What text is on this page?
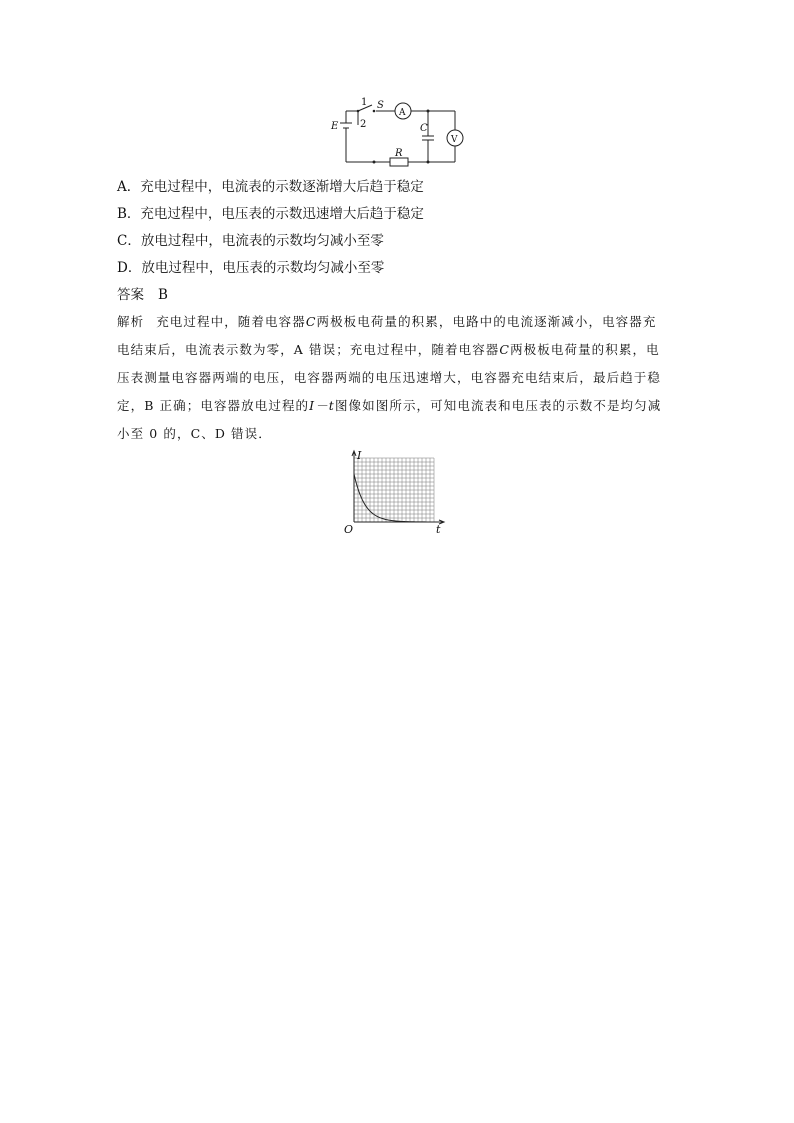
1
2
S
E
A
C
V
R
A．充电过程中，电流表的示数逐渐增大后趋于稳定
B．充电过程中，电压表的示数迅速增大后趋于稳定
C．放电过程中，电流表的示数均匀减小至零
D．放电过程中，电压表的示数均匀减小至零
答案 B
解析 充电过程中，随着电容器C两极板电荷量的积累，电路中的电流逐渐减小，电容器充
电结束后，电流表示数为零，A 错误；充电过程中，随着电容器C两极板电荷量的积累，电
压表测量电容器两端的电压，电容器两端的电压迅速增大，电容器充电结束后，最后趋于稳
定，B 正确；电容器放电过程的I－t图像如图所示，可知电流表和电压表的示数不是均匀减
小至 0 的，C、D 错误．
I
t
O
